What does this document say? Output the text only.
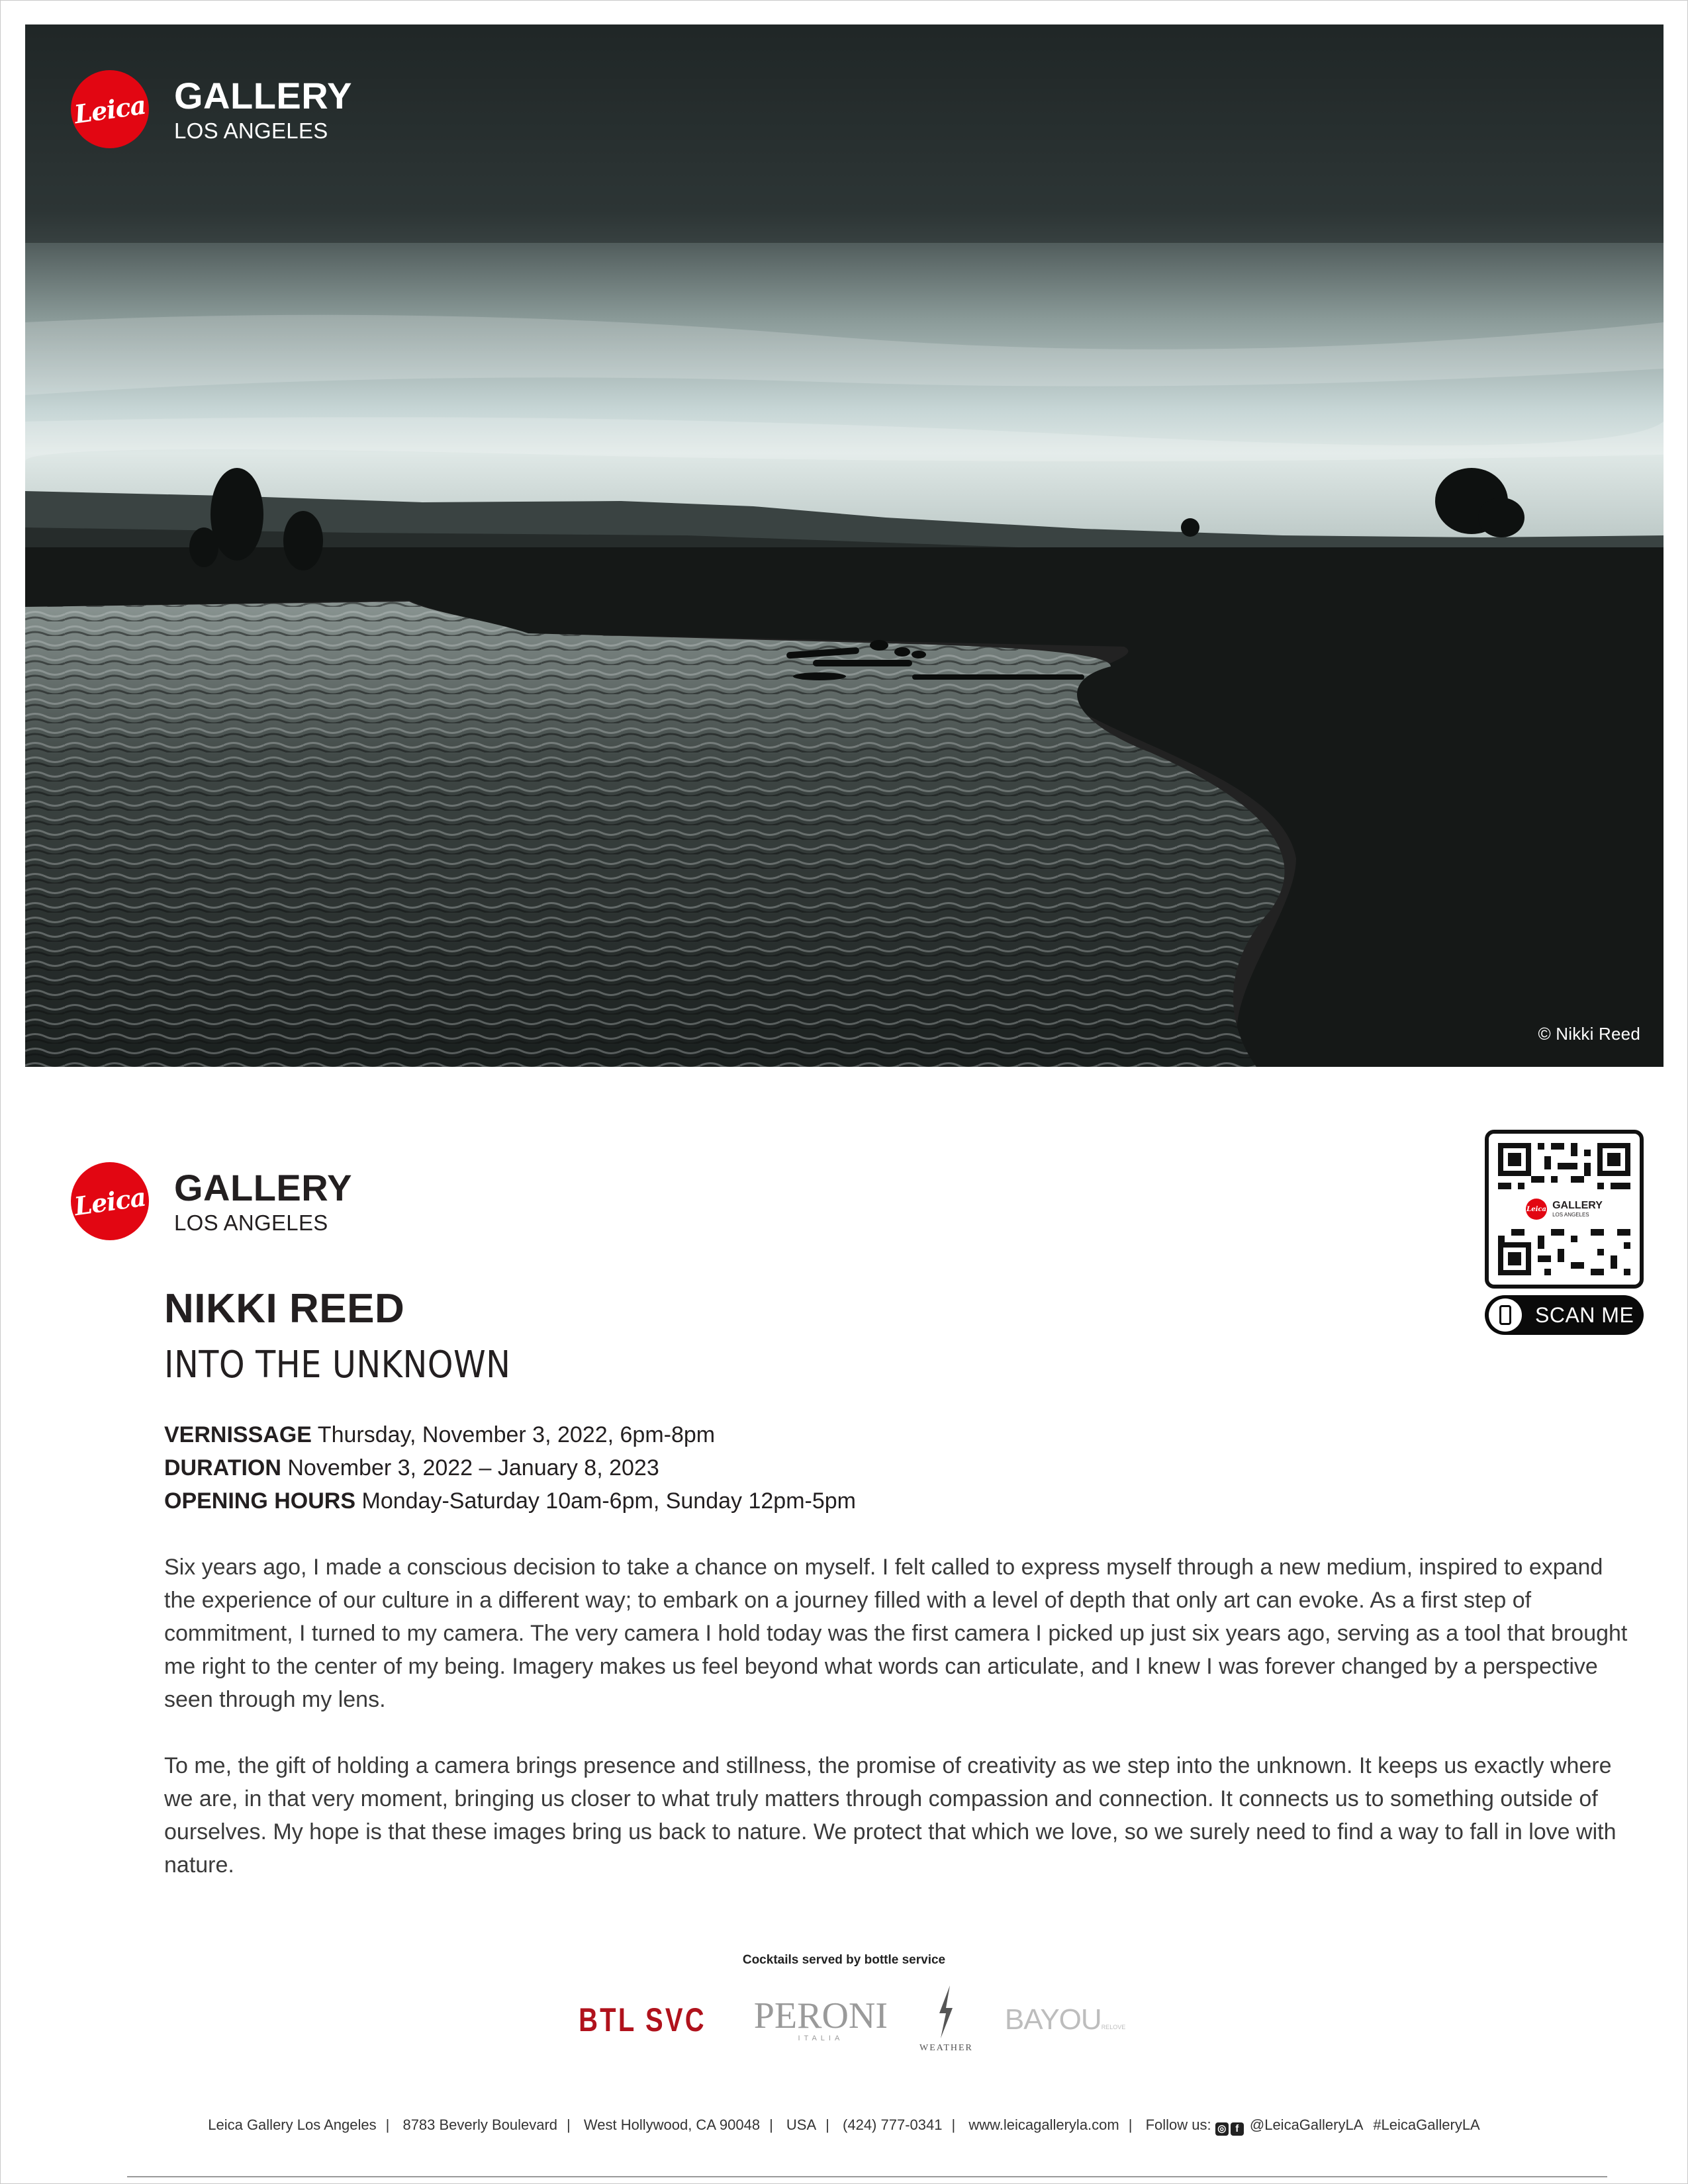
Leica GALLERY
LOS ANGELES
© Nikki Reed
Leica GALLERY
LOS ANGELES
Leica GALLERY
LOS ANGELES
SCAN ME
NIKKI REED
INTO THE UNKNOWN
VERNISSAGE Thursday, November 3, 2022, 6pm-8pm
DURATION November 3, 2022 – January 8, 2023
OPENING HOURS Monday-Saturday 10am-6pm, Sunday 12pm-5pm

Six years ago, I made a conscious decision to take a chance on myself. I felt called to express myself through a new medium, inspired to expand the experience of our culture in a different way; to embark on a journey filled with a level of depth that only art can evoke. As a first step of commitment, I turned to my camera. The very camera I hold today was the first camera I picked up just six years ago, serving as a tool that brought me right to the center of my being. Imagery makes us feel beyond what words can articulate, and I knew I was forever changed by a perspective seen through my lens.

To me, the gift of holding a camera brings presence and stillness, the promise of creativity as we step into the unknown. It keeps us exactly where we are, in that very moment, bringing us closer to what truly matters through compassion and connection. It connects us to something outside of ourselves. My hope is that these images bring us back to nature. We protect that which we love, so we surely need to find a way to fall in love with nature.

Cocktails served by bottle service
BTL SVC PERONI
ITALIA
WEATHER
BAYOURELOVE
Leica Gallery Los Angeles | 8783 Beverly Boulevard | West Hollywood, CA 90048 | USA | (424) 777-0341 | www.leicagalleryla.com | Follow us: ◎ f @LeicaGalleryLA #LeicaGalleryLA
